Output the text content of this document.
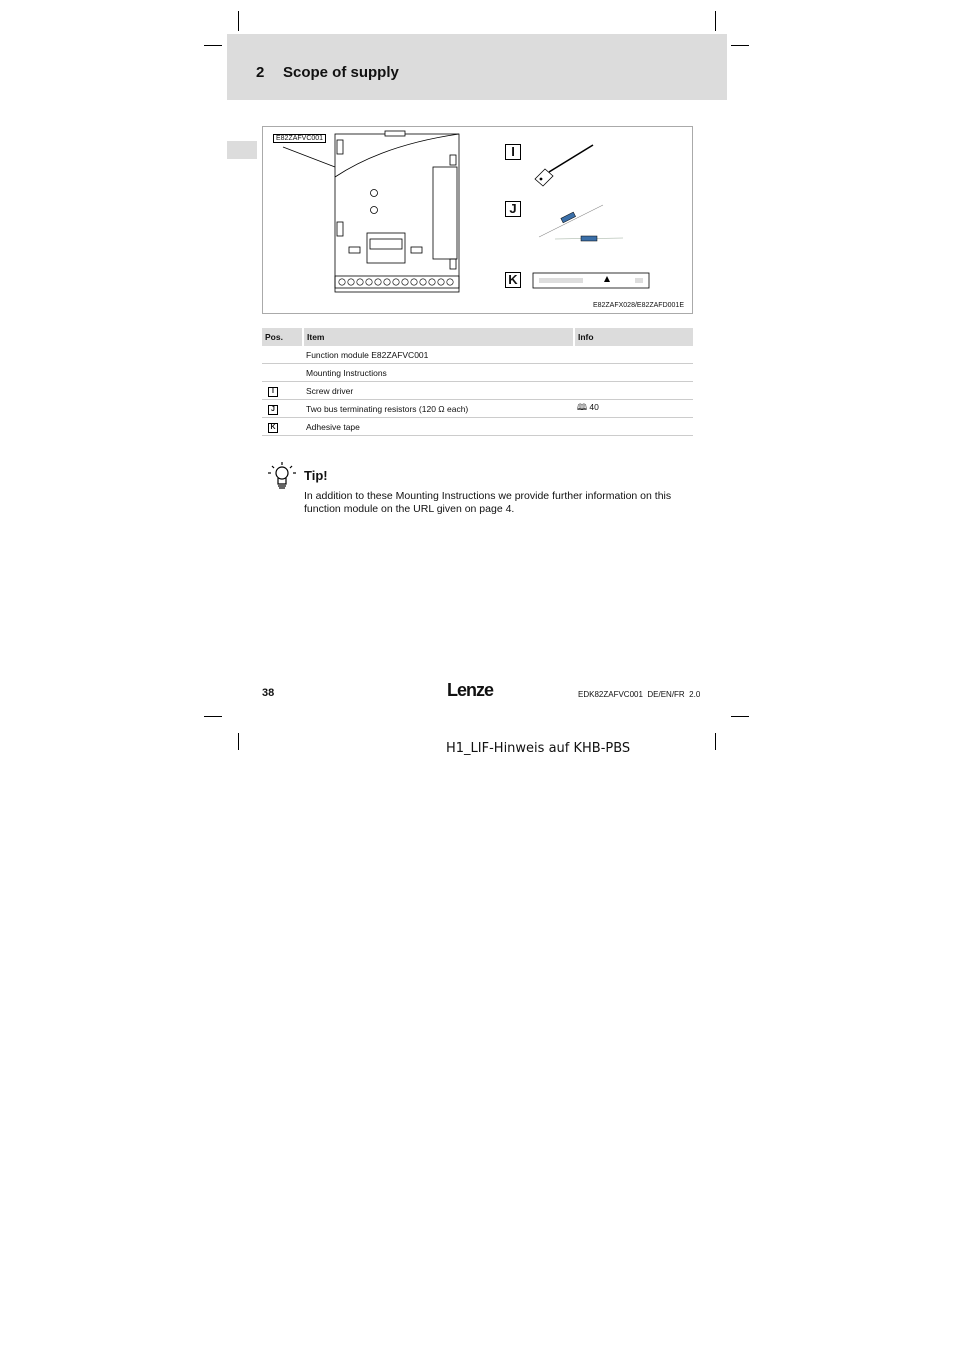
2 Scope of supply
E82ZAFVC001
I
J
K
E82ZAFX028/E82ZAFD001E
Pos.	Item	Info
	Function module E82ZAFVC001	
	Mounting Instructions	
I	Screw driver	
J	Two bus terminating resistors (120 Ω each)	🕮 40
K	Adhesive tape	
Tip!
In addition to these Mounting Instructions we provide further information on this function module on the URL given on page 4.
38	Lenze	EDK82ZAFVC001  DE/EN/FR  2.0
H1_LIF-Hinweis auf KHB-PBS
